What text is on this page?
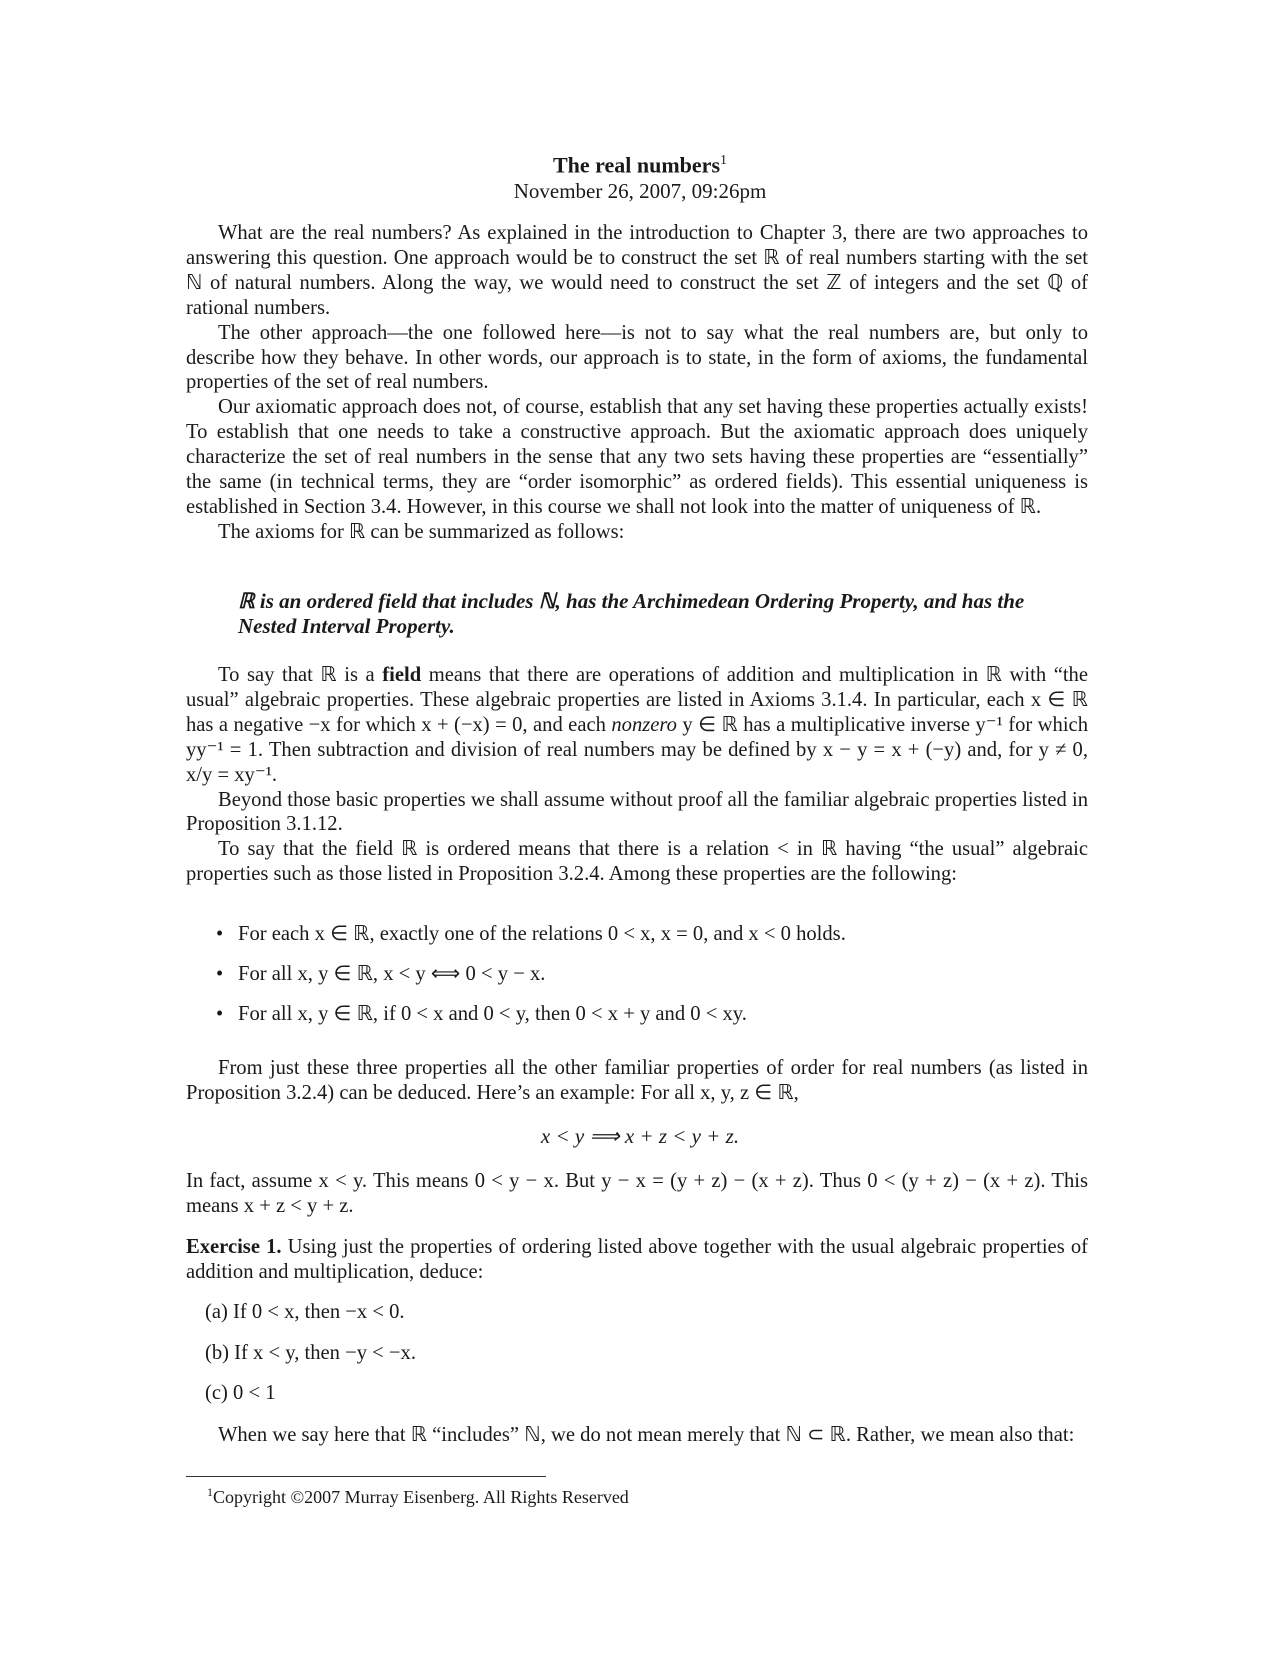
The real numbers$^1$
November 26, 2007, 09:26pm

What are the real numbers? As explained in the introduction to Chapter 3, there are two approaches to answering this question. One approach would be to construct the set ℝ of real numbers starting with the set ℕ of natural numbers. Along the way, we would need to construct the set ℤ of integers and the set ℚ of rational numbers.

The other approach—the one followed here—is not to say what the real numbers are, but only to describe how they behave. In other words, our approach is to state, in the form of axioms, the fundamental properties of the set of real numbers.

Our axiomatic approach does not, of course, establish that any set having these properties actually exists! To establish that one needs to take a constructive approach. But the axiomatic approach does uniquely characterize the set of real numbers in the sense that any two sets having these properties are “essentially” the same (in technical terms, they are “order isomorphic” as ordered fields). This essential uniqueness is established in Section 3.4. However, in this course we shall not look into the matter of uniqueness of ℝ.

The axioms for ℝ can be summarized as follows:

ℝ is an ordered field that includes ℕ, has the Archimedean Ordering Property, and has the Nested Interval Property.

To say that ℝ is a field means that there are operations of addition and multiplication in ℝ with “the usual” algebraic properties. These algebraic properties are listed in Axioms 3.1.4. In particular, each x ∈ ℝ has a negative −x for which x + (−x) = 0, and each nonzero y ∈ ℝ has a multiplicative inverse y⁻¹ for which yy⁻¹ = 1. Then subtraction and division of real numbers may be defined by x − y = x + (−y) and, for y ≠ 0, x/y = xy⁻¹.

Beyond those basic properties we shall assume without proof all the familiar algebraic properties listed in Proposition 3.1.12.

To say that the field ℝ is ordered means that there is a relation < in ℝ having “the usual” algebraic properties such as those listed in Proposition 3.2.4. Among these properties are the following:

• For each x ∈ ℝ, exactly one of the relations 0 < x, x = 0, and x < 0 holds.
• For all x, y ∈ ℝ, x < y ⟺ 0 < y − x.
• For all x, y ∈ ℝ, if 0 < x and 0 < y, then 0 < x + y and 0 < xy.

From just these three properties all the other familiar properties of order for real numbers (as listed in Proposition 3.2.4) can be deduced. Here’s an example: For all x, y, z ∈ ℝ,

x < y ⟹ x + z < y + z.

In fact, assume x < y. This means 0 < y − x. But y − x = (y + z) − (x + z). Thus 0 < (y + z) − (x + z). This means x + z < y + z.

Exercise 1. Using just the properties of ordering listed above together with the usual algebraic properties of addition and multiplication, deduce:

(a) If 0 < x, then −x < 0.
(b) If x < y, then −y < −x.
(c) 0 < 1

When we say here that ℝ “includes” ℕ, we do not mean merely that ℕ ⊂ ℝ. Rather, we mean also that:

$^1$Copyright ©2007 Murray Eisenberg. All Rights Reserved
